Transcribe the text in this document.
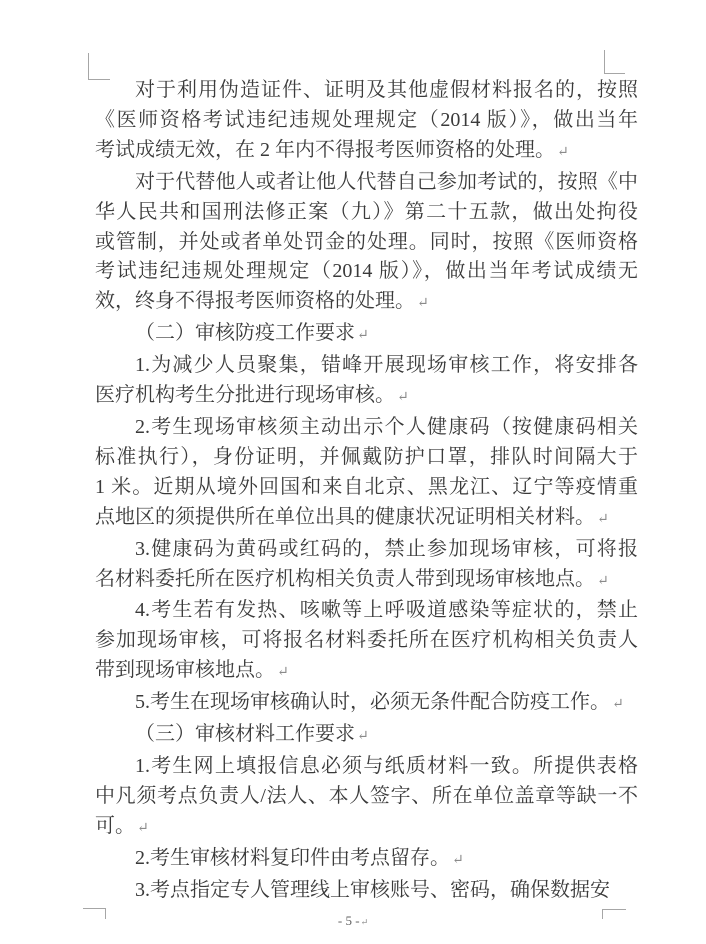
对于利用伪造证件、证明及其他虚假材料报名的，按照
《医师资格考试违纪违规处理规定（2014 版）》，做出当年
考试成绩无效，在 2 年内不得报考医师资格的处理。 ↵

对于代替他人或者让他人代替自己参加考试的，按照《中
华人民共和国刑法修正案（九）》第二十五款，做出处拘役
或管制，并处或者单处罚金的处理。同时，按照《医师资格
考试违纪违规处理规定（2014 版）》，做出当年考试成绩无
效，终身不得报考医师资格的处理。 ↵

（二）审核防疫工作要求 ↵

1.为减少人员聚集，错峰开展现场审核工作，将安排各
医疗机构考生分批进行现场审核。 ↵

2.考生现场审核须主动出示个人健康码（按健康码相关
标准执行），身份证明，并佩戴防护口罩，排队时间隔大于
1 米。近期从境外回国和来自北京、黑龙江、辽宁等疫情重
点地区的须提供所在单位出具的健康状况证明相关材料。 ↵

3.健康码为黄码或红码的，禁止参加现场审核，可将报
名材料委托所在医疗机构相关负责人带到现场审核地点。 ↵

4.考生若有发热、咳嗽等上呼吸道感染等症状的，禁止
参加现场审核，可将报名材料委托所在医疗机构相关负责人
带到现场审核地点。 ↵

5.考生在现场审核确认时，必须无条件配合防疫工作。 ↵

（三）审核材料工作要求 ↵

1.考生网上填报信息必须与纸质材料一致。所提供表格
中凡须考点负责人/法人、本人签字、所在单位盖章等缺一不
可。 ↵

2.考生审核材料复印件由考点留存。 ↵

3.考点指定专人管理线上审核账号、密码，确保数据安

- 5 -↵
